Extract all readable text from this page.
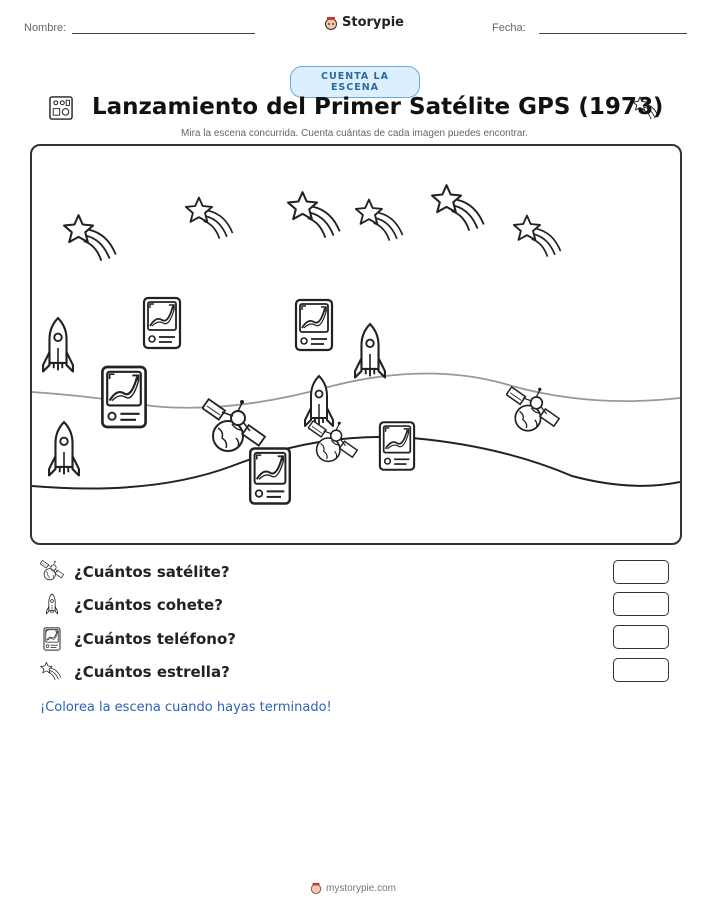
Nombre:	Storypie	Fecha:
CUENTA LA ESCENA
Lanzamiento del Primer Satélite GPS (1978)
Mira la escena concurrida. Cuenta cuántas de cada imagen puedes encontrar.
¿Cuántos satélite?
¿Cuántos cohete?
¿Cuántos teléfono?
¿Cuántos estrella?
¡Colorea la escena cuando hayas terminado!
mystorypie.com
